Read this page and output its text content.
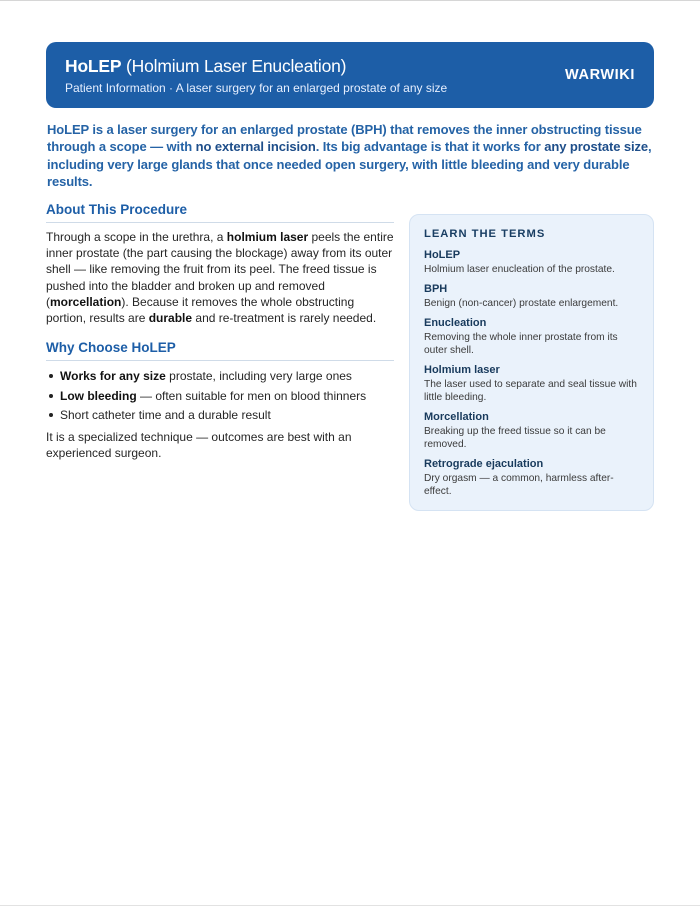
HoLEP (Holmium Laser Enucleation)
Patient Information · A laser surgery for an enlarged prostate of any size
WARWIKI

HoLEP is a laser surgery for an enlarged prostate (BPH) that removes the inner obstructing tissue through a scope — with no external incision. Its big advantage is that it works for any prostate size, including very large glands that once needed open surgery, with little bleeding and very durable results.

About This Procedure

Through a scope in the urethra, a holmium laser peels the entire inner prostate (the part causing the blockage) away from its outer shell — like removing the fruit from its peel. The freed tissue is pushed into the bladder and broken up and removed (morcellation). Because it removes the whole obstructing portion, results are durable and re-treatment is rarely needed.

Why Choose HoLEP
Works for any size prostate, including very large ones
Low bleeding — often suitable for men on blood thinners
Short catheter time and a durable result

It is a specialized technique — outcomes are best with an experienced surgeon.

LEARN THE TERMS
HoLEP
Holmium laser enucleation of the prostate.
BPH
Benign (non-cancer) prostate enlargement.
Enucleation
Removing the whole inner prostate from its outer shell.
Holmium laser
The laser used to separate and seal tissue with little bleeding.
Morcellation
Breaking up the freed tissue so it can be removed.
Retrograde ejaculation
Dry orgasm — a common, harmless after-effect.
